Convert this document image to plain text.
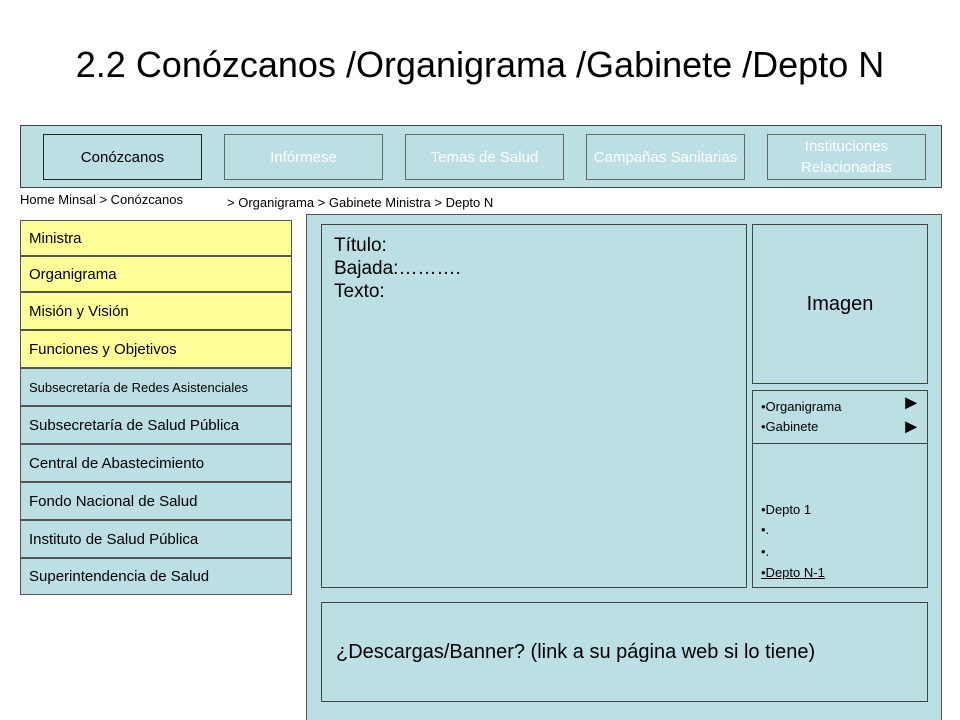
2.2 Conózcanos /Organigrama /Gabinete /Depto N
Conózcanos	Infórmese	Temas de Salud	Campañas Sanitarias
Instituciones Relacionadas
Home Minsal > Conózcanos	> Organigrama > Gabinete Ministra > Depto N
Ministra
Organigrama
Misión y Visión
Funciones y Objetivos
Subsecretaría de Redes Asistenciales
Subsecretaría de Salud Pública
Central de Abastecimiento
Fondo Nacional de Salud
Instituto de Salud Pública
Superintendencia de Salud
Título:
Bajada:……….
Texto:
Imagen
•Organigrama	►
•Gabinete	►
•Depto 1
•.
•.
•Depto N-1
¿Descargas/Banner? (link a su página web si lo tiene)
